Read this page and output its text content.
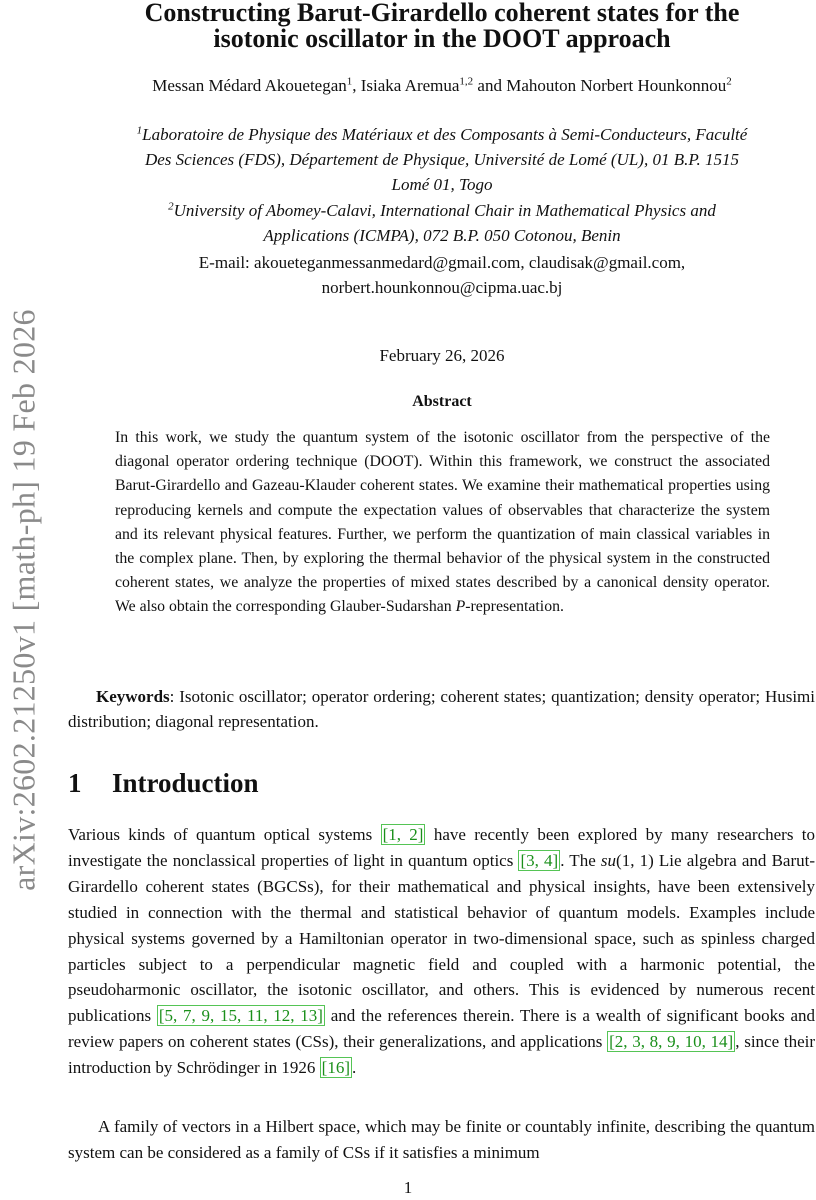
arXiv:2602.21250v1 [math-ph] 19 Feb 2026
Constructing Barut-Girardello coherent states for the
isotonic oscillator in the DOOT approach
Messan Médard Akouetegan$^1$, Isiaka Aremua$^{1,2}$ and Mahouton Norbert Hounkonnou$^2$
$^1$Laboratoire de Physique des Matériaux et des Composants à Semi-Conducteurs, Faculté
Des Sciences (FDS), Département de Physique, Université de Lomé (UL), 01 B.P. 1515
Lomé 01, Togo
$^2$University of Abomey-Calavi, International Chair in Mathematical Physics and
Applications (ICMPA), 072 B.P. 050 Cotonou, Benin
E-mail: akoueteganmessanmedard@gmail.com, claudisak@gmail.com,
norbert.hounkonnou@cipma.uac.bj
February 26, 2026
Abstract
In this work, we study the quantum system of the isotonic oscillator from the perspective of the diagonal operator ordering technique (DOOT). Within this framework, we construct the associated Barut-Girardello and Gazeau-Klauder coherent states. We examine their mathematical properties using reproducing kernels and compute the expectation values of observables that characterize the system and its relevant physical features. Further, we perform the quantization of main classical variables in the complex plane. Then, by exploring the thermal behavior of the physical system in the constructed coherent states, we analyze the properties of mixed states described by a canonical density operator. We also obtain the corresponding Glauber-Sudarshan P-representation.
Keywords: Isotonic oscillator; operator ordering; coherent states; quantization; density operator; Husimi distribution; diagonal representation.
1 Introduction
Various kinds of quantum optical systems [1, 2] have recently been explored by many researchers to investigate the nonclassical properties of light in quantum optics [3, 4] . The su(1, 1) Lie algebra and Barut-Girardello coherent states (BGCSs), for their mathematical and physical insights, have been extensively studied in connection with the thermal and statistical behavior of quantum models. Examples include physical systems governed by a Hamiltonian operator in two-dimensional space, such as spinless charged particles subject to a perpendicular magnetic field and coupled with a harmonic potential, the pseudoharmonic oscillator, the isotonic oscillator, and others. This is evidenced by numerous recent publications [5, 7, 9, 15, 11, 12, 13] and the references therein. There is a wealth of significant books and review papers on coherent states (CSs), their generalizations, and applications [2, 3, 8, 9, 10, 14] , since their introduction by Schrödinger in 1926 [16] .
A family of vectors in a Hilbert space, which may be finite or countably infinite, describing the quantum system can be considered as a family of CSs if it satisfies a minimum
1
